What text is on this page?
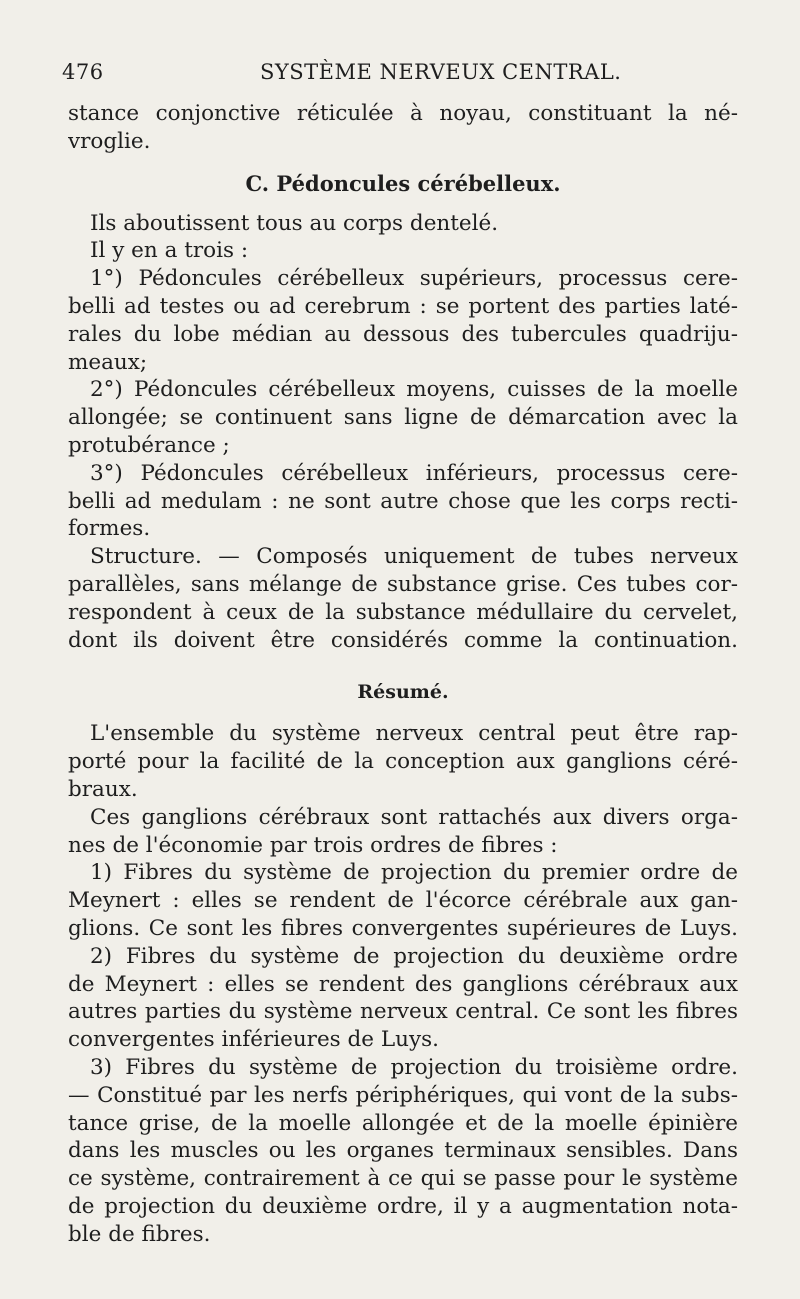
476	SYSTÈME NERVEUX CENTRAL.
stance conjonctive réticulée à noyau, constituant la né-
vroglie.
C. Pédoncules cérébelleux.
Ils aboutissent tous au corps dentelé.
Il y en a trois :
1°) Pédoncules cérébelleux supérieurs, processus cere-
belli ad testes ou ad cerebrum : se portent des parties laté-
rales du lobe médian au dessous des tubercules quadriju-
meaux;
2°) Pédoncules cérébelleux moyens, cuisses de la moelle
allongée; se continuent sans ligne de démarcation avec la
protubérance ;
3°) Pédoncules cérébelleux inférieurs, processus cere-
belli ad medulam : ne sont autre chose que les corps recti-
formes.
Structure. — Composés uniquement de tubes nerveux
parallèles, sans mélange de substance grise. Ces tubes cor-
respondent à ceux de la substance médullaire du cervelet,
dont ils doivent être considérés comme la continuation.
Résumé.
L'ensemble du système nerveux central peut être rap-
porté pour la facilité de la conception aux ganglions céré-
braux.
Ces ganglions cérébraux sont rattachés aux divers orga-
nes de l'économie par trois ordres de fibres :
1) Fibres du système de projection du premier ordre de
Meynert : elles se rendent de l'écorce cérébrale aux gan-
glions. Ce sont les fibres convergentes supérieures de Luys.
2) Fibres du système de projection du deuxième ordre
de Meynert : elles se rendent des ganglions cérébraux aux
autres parties du système nerveux central. Ce sont les fibres
convergentes inférieures de Luys.
3) Fibres du système de projection du troisième ordre.
— Constitué par les nerfs périphériques, qui vont de la subs-
tance grise, de la moelle allongée et de la moelle épinière
dans les muscles ou les organes terminaux sensibles. Dans
ce système, contrairement à ce qui se passe pour le système
de projection du deuxième ordre, il y a augmentation nota-
ble de fibres.
